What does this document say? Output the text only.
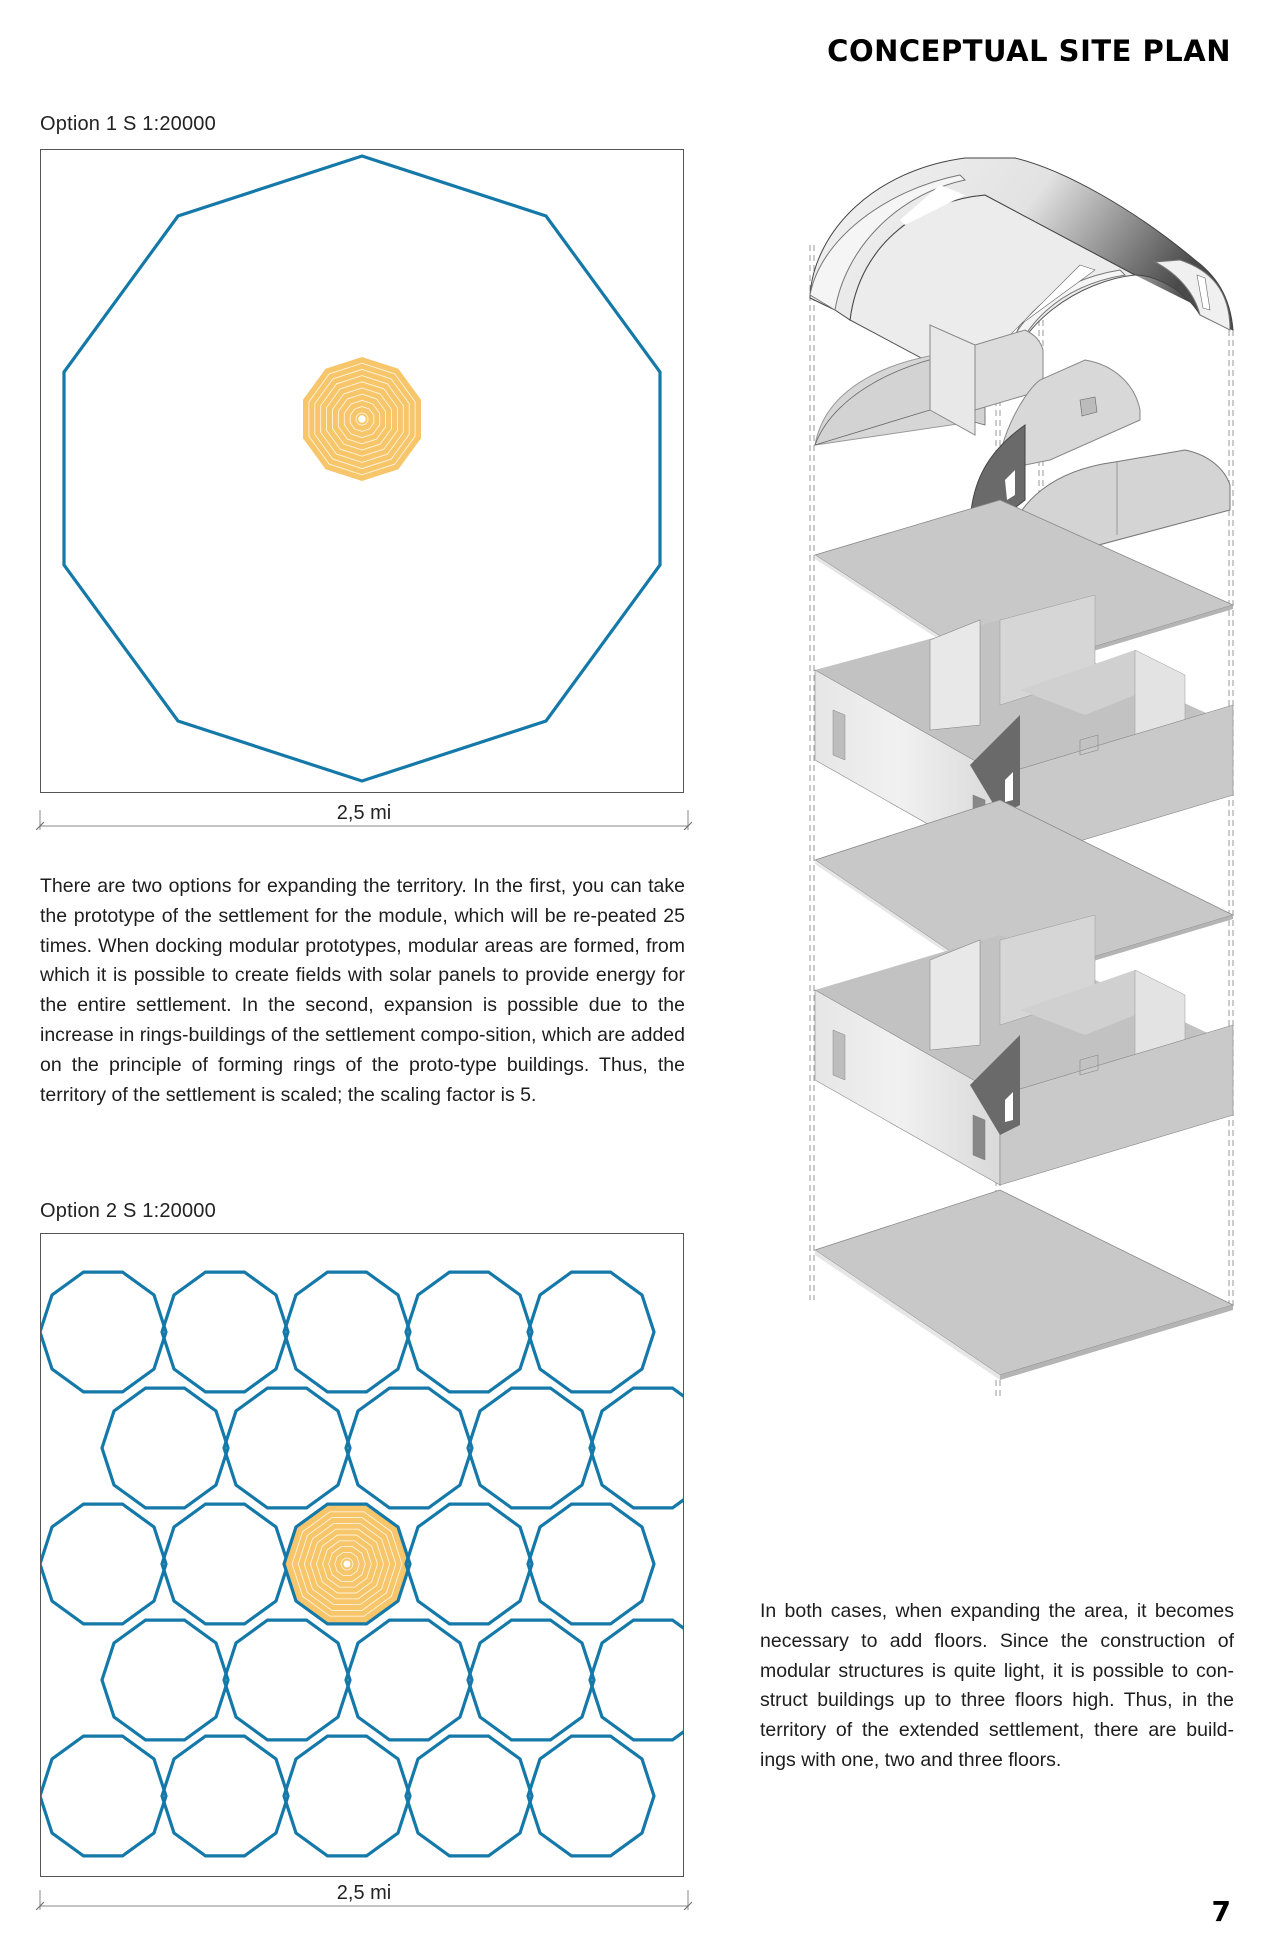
CONCEPTUAL SITE PLAN
Option 1 S 1:20000
2,5 mi
There are two options for expanding the territory. In the first, you can take the prototype of the settlement for the module, which will be re-peated 25 times. When docking modular prototypes, modular areas are formed, from which it is possible to create fields with solar panels to provide energy for the entire settlement. In the second, expansion is possible due to the increase in rings-buildings of the settlement compo-sition, which are added on the principle of forming rings of the proto-type buildings. Thus, the territory of the settlement is scaled; the scaling factor is 5.
Option 2 S 1:20000
2,5 mi
In both cases, when expanding the area, it becomes necessary to add floors. Since the construction of modular structures is quite light, it is possible to con-struct buildings up to three floors high. Thus, in the territory of the extended settlement, there are build-ings with one, two and three floors.
7
